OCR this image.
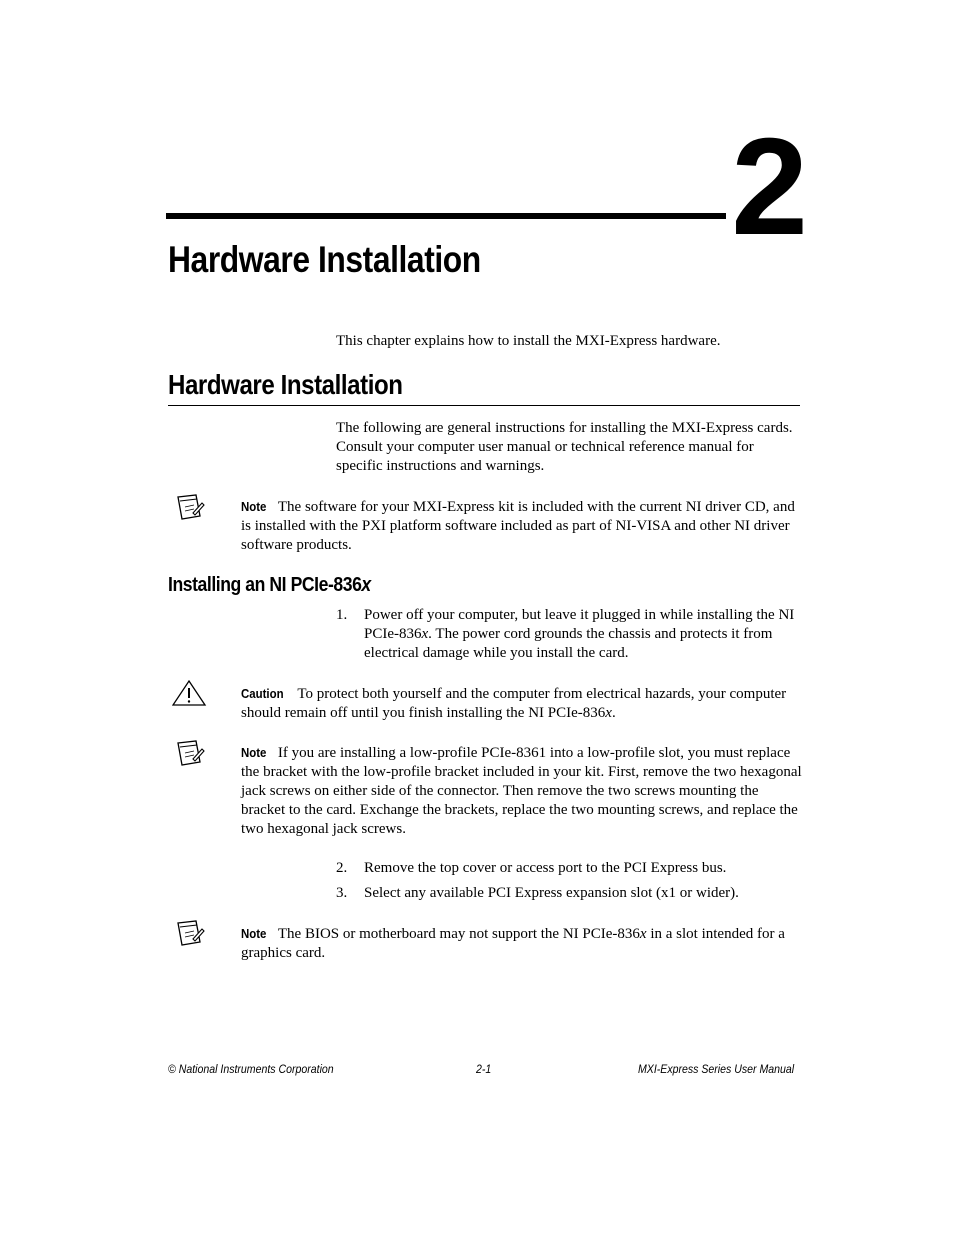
2
Hardware Installation
This chapter explains how to install the MXI-Express hardware.
Hardware Installation
The following are general instructions for installing the MXI-Express cards. Consult your computer user manual or technical reference manual for specific instructions and warnings.
Note The software for your MXI-Express kit is included with the current NI driver CD, and is installed with the PXI platform software included as part of NI-VISA and other NI driver software products.
Installing an NI PCIe-836x
1.	Power off your computer, but leave it plugged in while installing the NI PCIe-836x. The power cord grounds the chassis and protects it from electrical damage while you install the card.
Caution To protect both yourself and the computer from electrical hazards, your computer should remain off until you finish installing the NI PCIe-836x.
Note If you are installing a low-profile PCIe-8361 into a low-profile slot, you must replace the bracket with the low-profile bracket included in your kit. First, remove the two hexagonal jack screws on either side of the connector. Then remove the two screws mounting the bracket to the card. Exchange the brackets, replace the two mounting screws, and replace the two hexagonal jack screws.
2.	Remove the top cover or access port to the PCI Express bus.
3.	Select any available PCI Express expansion slot (x1 or wider).
Note The BIOS or motherboard may not support the NI PCIe-836x in a slot intended for a graphics card.
© National Instruments Corporation	2-1	MXI-Express Series User Manual
